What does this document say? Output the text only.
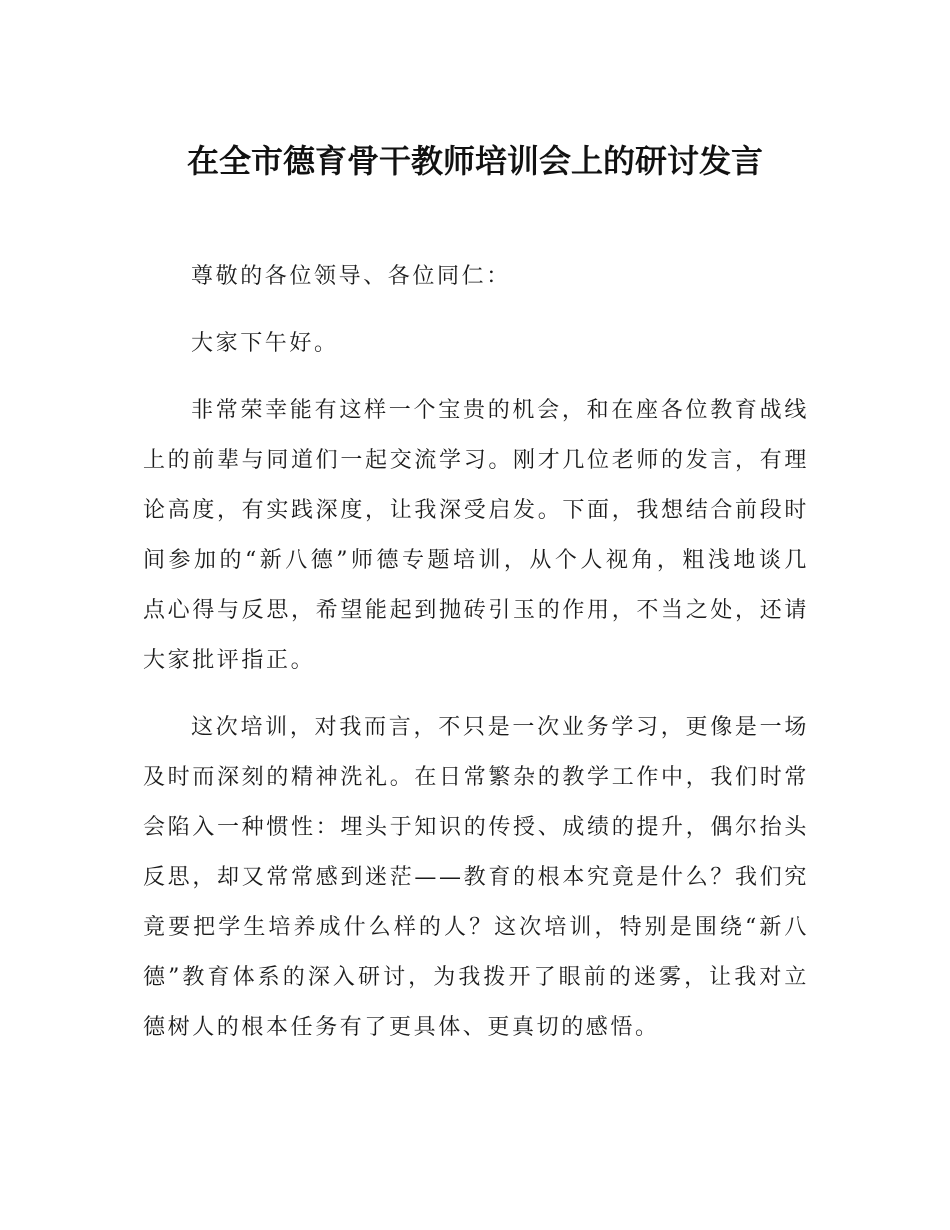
在全市德育骨干教师培训会上的研讨发言

尊敬的各位领导、各位同仁：

大家下午好。

非常荣幸能有这样一个宝贵的机会，和在座各位教育战线上的前辈与同道们一起交流学习。刚才几位老师的发言，有理论高度，有实践深度，让我深受启发。下面，我想结合前段时间参加的“新八德”师德专题培训，从个人视角，粗浅地谈几点心得与反思，希望能起到抛砖引玉的作用，不当之处，还请大家批评指正。

这次培训，对我而言，不只是一次业务学习，更像是一场及时而深刻的精神洗礼。在日常繁杂的教学工作中，我们时常会陷入一种惯性：埋头于知识的传授、成绩的提升，偶尔抬头反思，却又常常感到迷茫——教育的根本究竟是什么？我们究竟要把学生培养成什么样的人？这次培训，特别是围绕“新八德”教育体系的深入研讨，为我拨开了眼前的迷雾，让我对立德树人的根本任务有了更具体、更真切的感悟。
